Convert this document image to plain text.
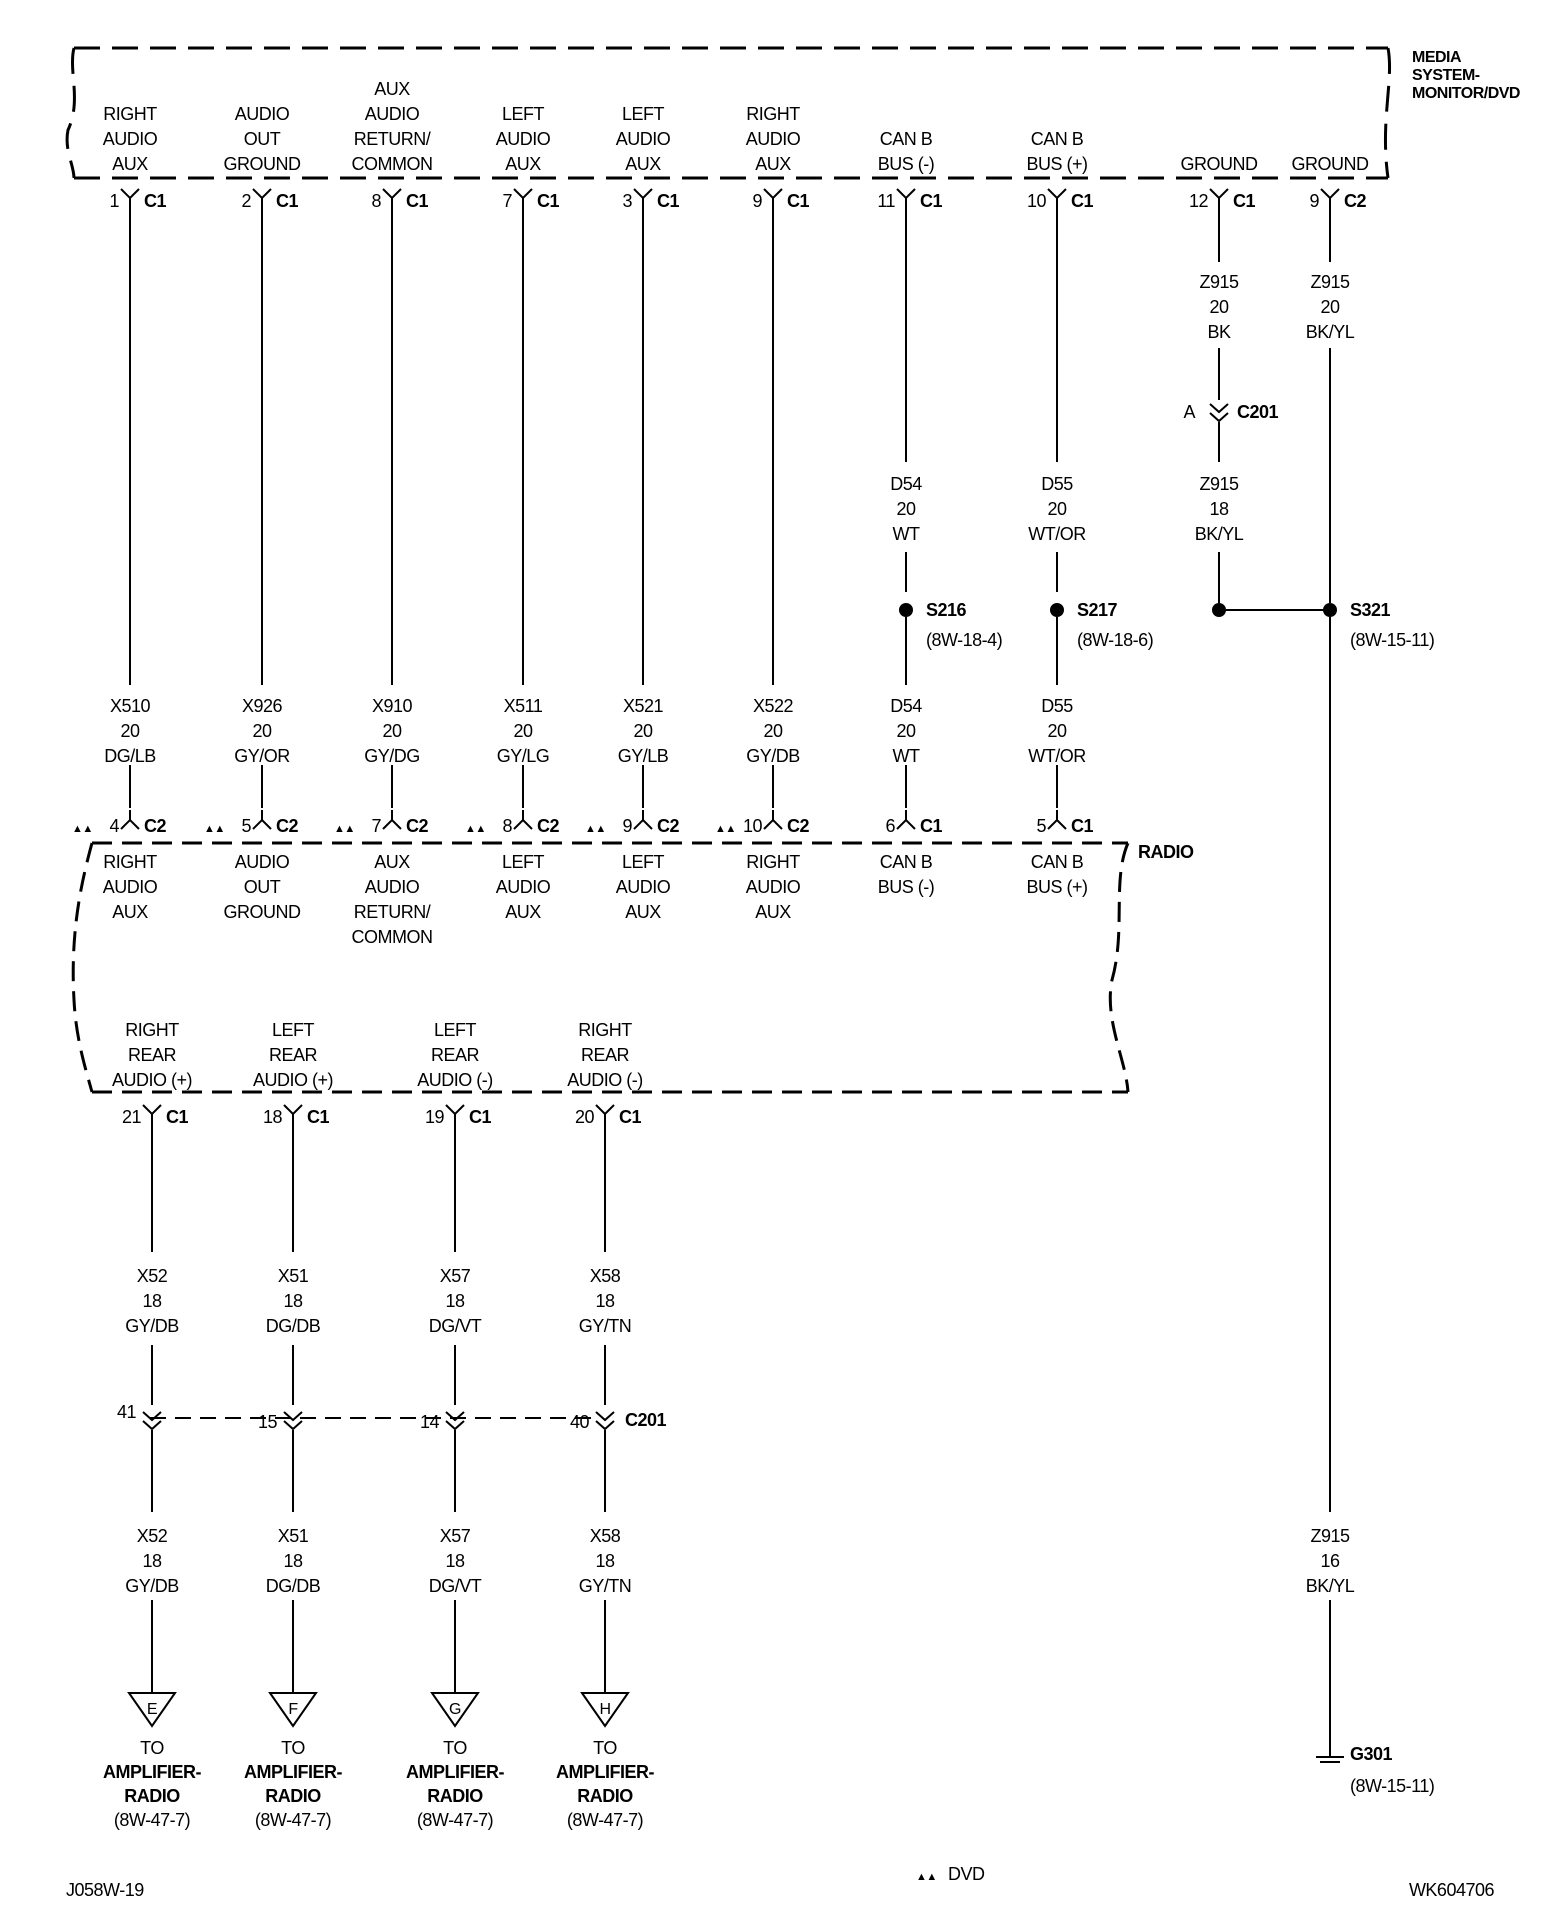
MEDIA
SYSTEM-
MONITOR/DVD
RADIO
RIGHT
AUDIO
AUX
1 C1
4 C2
▲▲
RIGHT
AUDIO
AUX
X510
20
DG/LB
AUDIO
OUT
GROUND
2 C1
5 C2
▲▲
AUDIO
OUT
GROUND
X926
20
GY/OR
AUX
AUDIO
RETURN/
COMMON
8 C1
7 C2
▲▲
AUX
AUDIO
RETURN/
COMMON
X910
20
GY/DG
LEFT
AUDIO
AUX
7 C1
8 C2
▲▲
LEFT
AUDIO
AUX
X511
20
GY/LG
LEFT
AUDIO
AUX
3 C1
9 C2
▲▲
LEFT
AUDIO
AUX
X521
20
GY/LB
RIGHT
AUDIO
AUX
9 C1
10 C2
▲▲
RIGHT
AUDIO
AUX
X522
20
GY/DB
CAN B
BUS (-)
11 C1
6 C1
CAN B
BUS (-)
D54
20
WT
S216
(8W-18-4)
D54
20
WT
CAN B
BUS (+)
10 C1
5 C1
CAN B
BUS (+)
D55
20
WT/OR
S217
(8W-18-6)
D55
20
WT/OR
GROUND
12 C1
GROUND
9 C2
Z915
20
BK
A C201
Z915
18
BK/YL
Z915
20
BK/YL
S321
(8W-15-11)
Z915
16
BK/YL
G301
(8W-15-11)
RIGHT
REAR
AUDIO (+)
21 C1
X52
18
GY/DB
41
X52
18
GY/DB
E
TO
AMPLIFIER-
RADIO
(8W-47-7)
LEFT
REAR
AUDIO (+)
18 C1
X51
18
DG/DB
15
X51
18
DG/DB
F
TO
AMPLIFIER-
RADIO
(8W-47-7)
LEFT
REAR
AUDIO (-)
19 C1
X57
18
DG/VT
14
X57
18
DG/VT
G
TO
AMPLIFIER-
RADIO
(8W-47-7)
RIGHT
REAR
AUDIO (-)
20 C1
X58
18
GY/TN
40
X58
18
GY/TN
H
TO
AMPLIFIER-
RADIO
(8W-47-7)
C201
J058W-19
▲▲ DVD
WK604706
